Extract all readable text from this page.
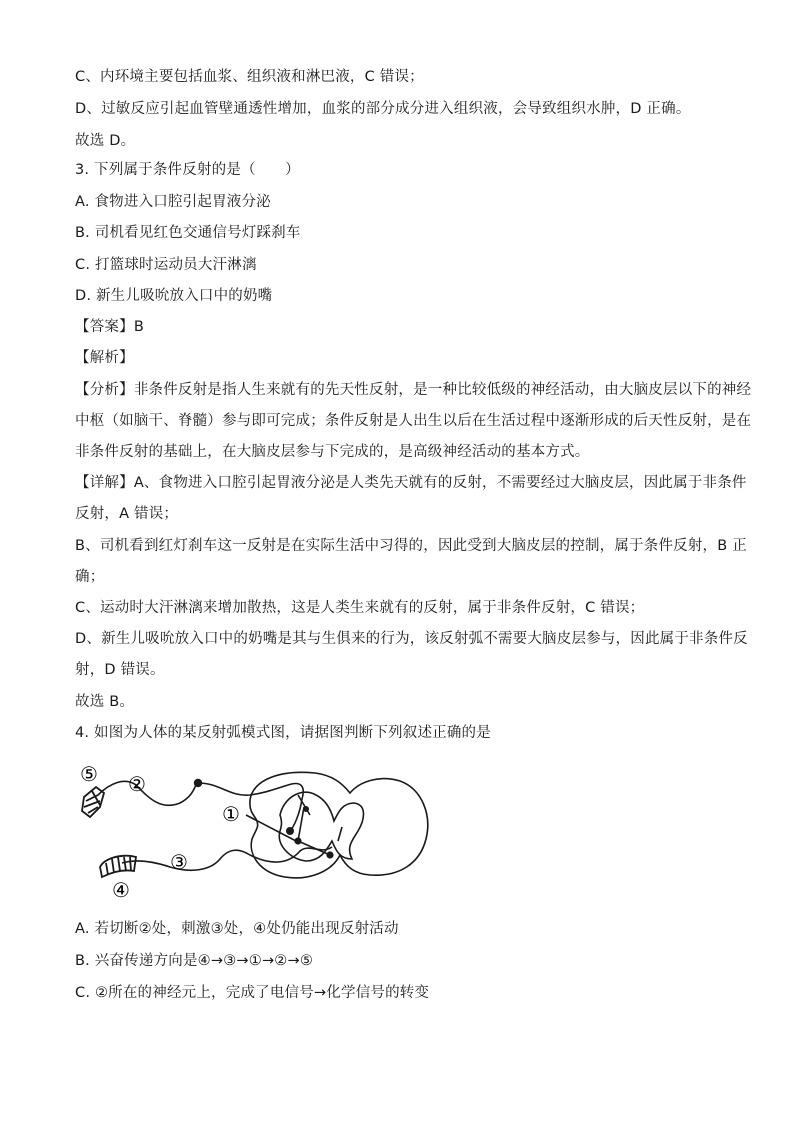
C、内环境主要包括血浆、组织液和淋巴液，C 错误；
D、过敏反应引起血管壁通透性增加，血浆的部分成分进入组织液，会导致组织水肿，D 正确。
故选 D。
3. 下列属于条件反射的是（　　）
A. 食物进入口腔引起胃液分泌
B. 司机看见红色交通信号灯踩刹车
C. 打篮球时运动员大汗淋漓
D. 新生儿吸吮放入口中的奶嘴
【答案】B
【解析】
【分析】非条件反射是指人生来就有的先天性反射，是一种比较低级的神经活动，由大脑皮层以下的神经
中枢（如脑干、脊髓）参与即可完成；条件反射是人出生以后在生活过程中逐渐形成的后天性反射，是在
非条件反射的基础上，在大脑皮层参与下完成的，是高级神经活动的基本方式。
【详解】A、食物进入口腔引起胃液分泌是人类先天就有的反射，不需要经过大脑皮层，因此属于非条件
反射，A 错误；
B、司机看到红灯刹车这一反射是在实际生活中习得的，因此受到大脑皮层的控制，属于条件反射，B 正
确；
C、运动时大汗淋漓来增加散热，这是人类生来就有的反射，属于非条件反射，C 错误；
D、新生儿吸吮放入口中的奶嘴是其与生俱来的行为，该反射弧不需要大脑皮层参与，因此属于非条件反
射，D 错误。
故选 B。
4. 如图为人体的某反射弧模式图，请据图判断下列叙述正确的是
⑤ ②
①
③
④
A. 若切断②处，刺激③处，④处仍能出现反射活动
B. 兴奋传递方向是④→③→①→②→⑤
C. ②所在的神经元上，完成了电信号→化学信号的转变
